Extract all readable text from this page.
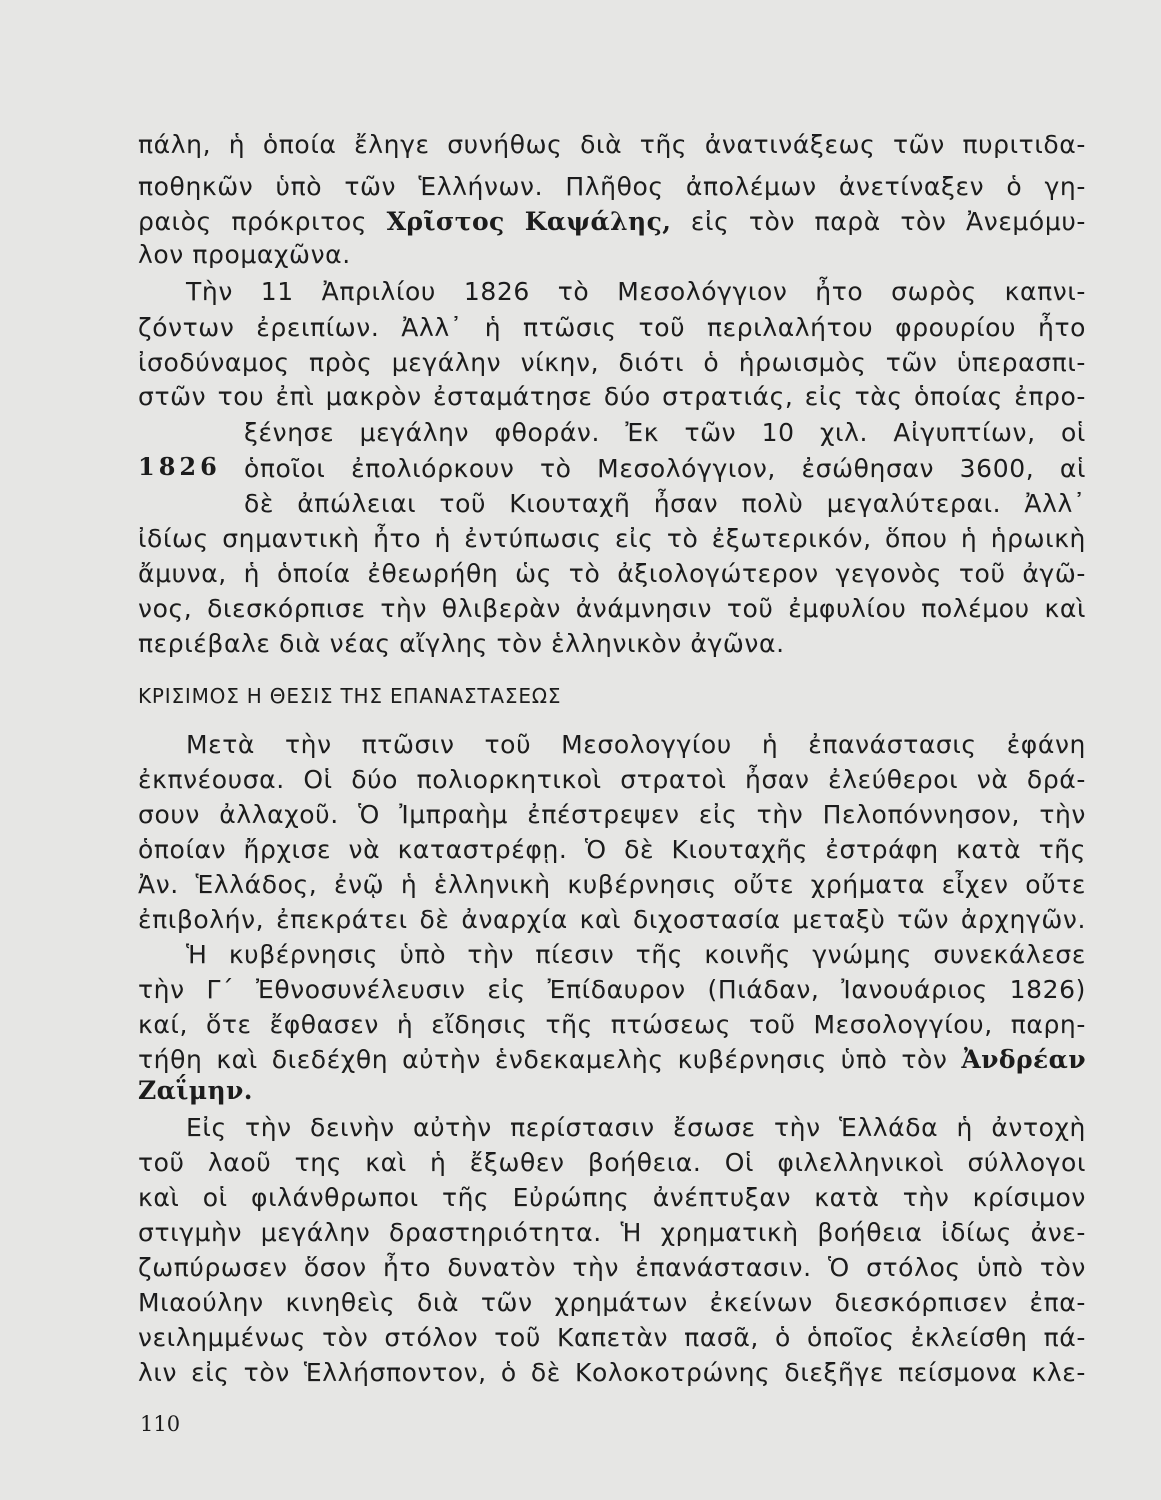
πάλη, ἡ ὁποία ἔληγε συνήθως διὰ τῆς ἀνατινάξεως τῶν πυριτιδα-
ποθηκῶν ὑπὸ τῶν Ἑλλήνων. Πλῆθος ἀπολέμων ἀνετίναξεν ὁ γη-
ραιὸς πρόκριτος Χρῖστος Καψάλης, εἰς τὸν παρὰ τὸν Ἀνεμόμυ-
λον προμαχῶνα.
Τὴν 11 Ἀπριλίου 1826 τὸ Μεσολόγγιον ἦτο σωρὸς καπνι-
ζόντων ἐρειπίων. Ἀλλ᾿ ἡ πτῶσις τοῦ περιλαλήτου φρουρίου ἦτο
ἰσοδύναμος πρὸς μεγάλην νίκην, διότι ὁ ἡρωισμὸς τῶν ὑπερασπι-
στῶν του ἐπὶ μακρὸν ἐσταμάτησε δύο στρατιάς, εἰς τὰς ὁποίας ἐπρο-
ξένησε μεγάλην φθοράν. Ἐκ τῶν 10 χιλ. Αἰγυπτίων, οἱ
1826 ὁποῖοι ἐπολιόρκουν τὸ Μεσολόγγιον, ἐσώθησαν 3600, αἱ
δὲ ἀπώλειαι τοῦ Κιουταχῆ ἦσαν πολὺ μεγαλύτεραι. Ἀλλ᾿
ἰδίως σημαντικὴ ἦτο ἡ ἐντύπωσις εἰς τὸ ἐξωτερικόν, ὅπου ἡ ἡρωικὴ
ἄμυνα, ἡ ὁποία ἐθεωρήθη ὡς τὸ ἀξιολογώτερον γεγονὸς τοῦ ἀγῶ-
νος, διεσκόρπισε τὴν θλιβερὰν ἀνάμνησιν τοῦ ἐμφυλίου πολέμου καὶ
περιέβαλε διὰ νέας αἴγλης τὸν ἑλληνικὸν ἀγῶνα.
ΚΡΙΣΙΜΟΣ Η ΘΕΣΙΣ ΤΗΣ ΕΠΑΝΑΣΤΑΣΕΩΣ
Μετὰ τὴν πτῶσιν τοῦ Μεσολογγίου ἡ ἐπανάστασις ἐφάνη
ἐκπνέουσα. Οἱ δύο πολιορκητικοὶ στρατοὶ ἦσαν ἐλεύθεροι νὰ δρά-
σουν ἀλλαχοῦ. Ὁ Ἰμπραὴμ ἐπέστρεψεν εἰς τὴν Πελοπόννησον, τὴν
ὁποίαν ἤρχισε νὰ καταστρέφῃ. Ὁ δὲ Κιουταχῆς ἐστράφη κατὰ τῆς
Ἀν. Ἑλλάδος, ἐνῷ ἡ ἑλληνικὴ κυβέρνησις οὔτε χρήματα εἶχεν οὔτε
ἐπιβολήν, ἐπεκράτει δὲ ἀναρχία καὶ διχοστασία μεταξὺ τῶν ἀρχηγῶν.
Ἡ κυβέρνησις ὑπὸ τὴν πίεσιν τῆς κοινῆς γνώμης συνεκάλεσε
τὴν Γ΄ Ἐθνοσυνέλευσιν εἰς Ἐπίδαυρον (Πιάδαν, Ἰανουάριος 1826)
καί, ὅτε ἔφθασεν ἡ εἴδησις τῆς πτώσεως τοῦ Μεσολογγίου, παρη-
τήθη καὶ διεδέχθη αὐτὴν ἑνδεκαμελὴς κυβέρνησις ὑπὸ τὸν Ἀνδρέαν
Ζαΐμην.
Εἰς τὴν δεινὴν αὐτὴν περίστασιν ἔσωσε τὴν Ἑλλάδα ἡ ἀντοχὴ
τοῦ λαοῦ της καὶ ἡ ἔξωθεν βοήθεια. Οἱ φιλελληνικοὶ σύλλογοι
καὶ οἱ φιλάνθρωποι τῆς Εὐρώπης ἀνέπτυξαν κατὰ τὴν κρίσιμον
στιγμὴν μεγάλην δραστηριότητα. Ἡ χρηματικὴ βοήθεια ἰδίως ἀνε-
ζωπύρωσεν ὅσον ἦτο δυνατὸν τὴν ἐπανάστασιν. Ὁ στόλος ὑπὸ τὸν
Μιαούλην κινηθεὶς διὰ τῶν χρημάτων ἐκείνων διεσκόρπισεν ἐπα-
νειλημμένως τὸν στόλον τοῦ Καπετὰν πασᾶ, ὁ ὁποῖος ἐκλείσθη πά-
λιν εἰς τὸν Ἑλλήσποντον, ὁ δὲ Κολοκοτρώνης διεξῆγε πείσμονα κλε-
110
